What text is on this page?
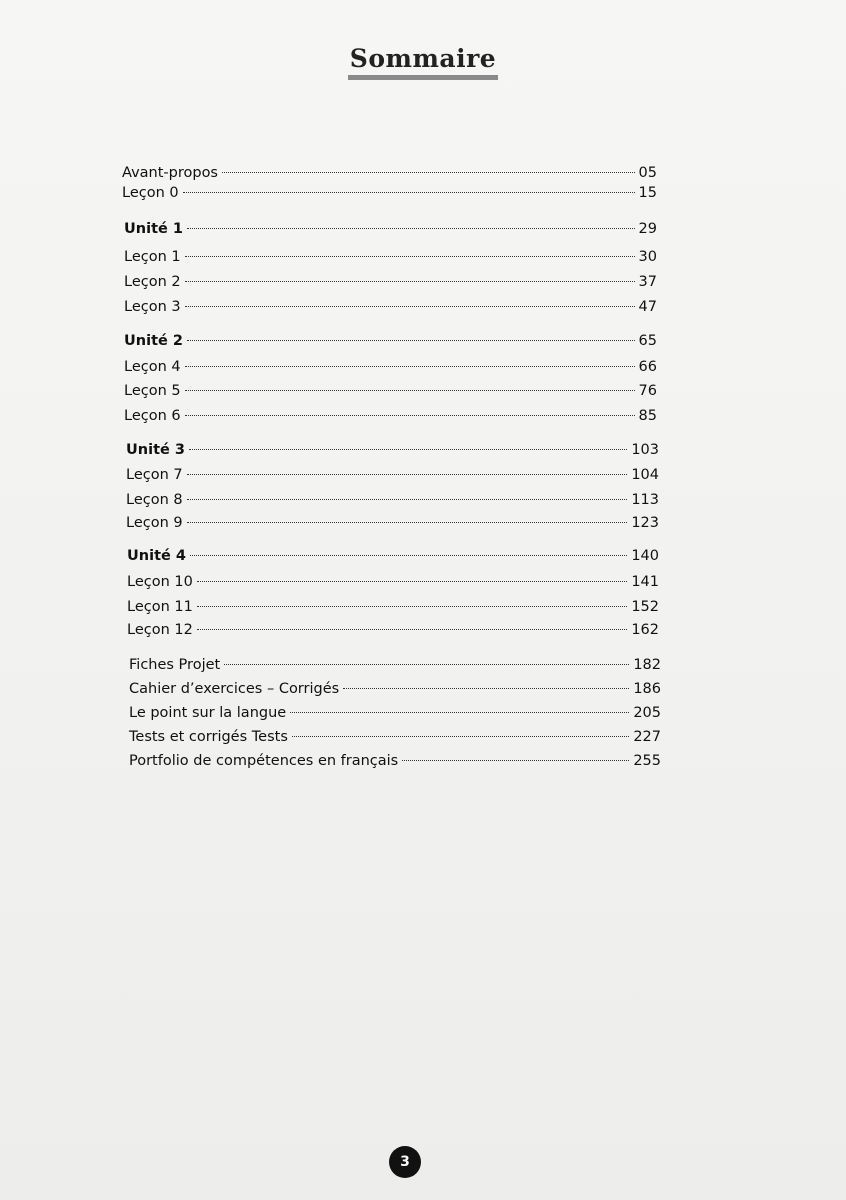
Sommaire
Avant-propos	05
Leçon 0	15
Unité 1	29
Leçon 1	30
Leçon 2	37
Leçon 3	47
Unité 2	65
Leçon 4	66
Leçon 5	76
Leçon 6	85
Unité 3	103
Leçon 7	104
Leçon 8	113
Leçon 9	123
Unité 4	140
Leçon 10	141
Leçon 11	152
Leçon 12	162
Fiches Projet	182
Cahier d’exercices – Corrigés	186
Le point sur la langue	205
Tests et corrigés Tests	227
Portfolio de compétences en français	255
3
